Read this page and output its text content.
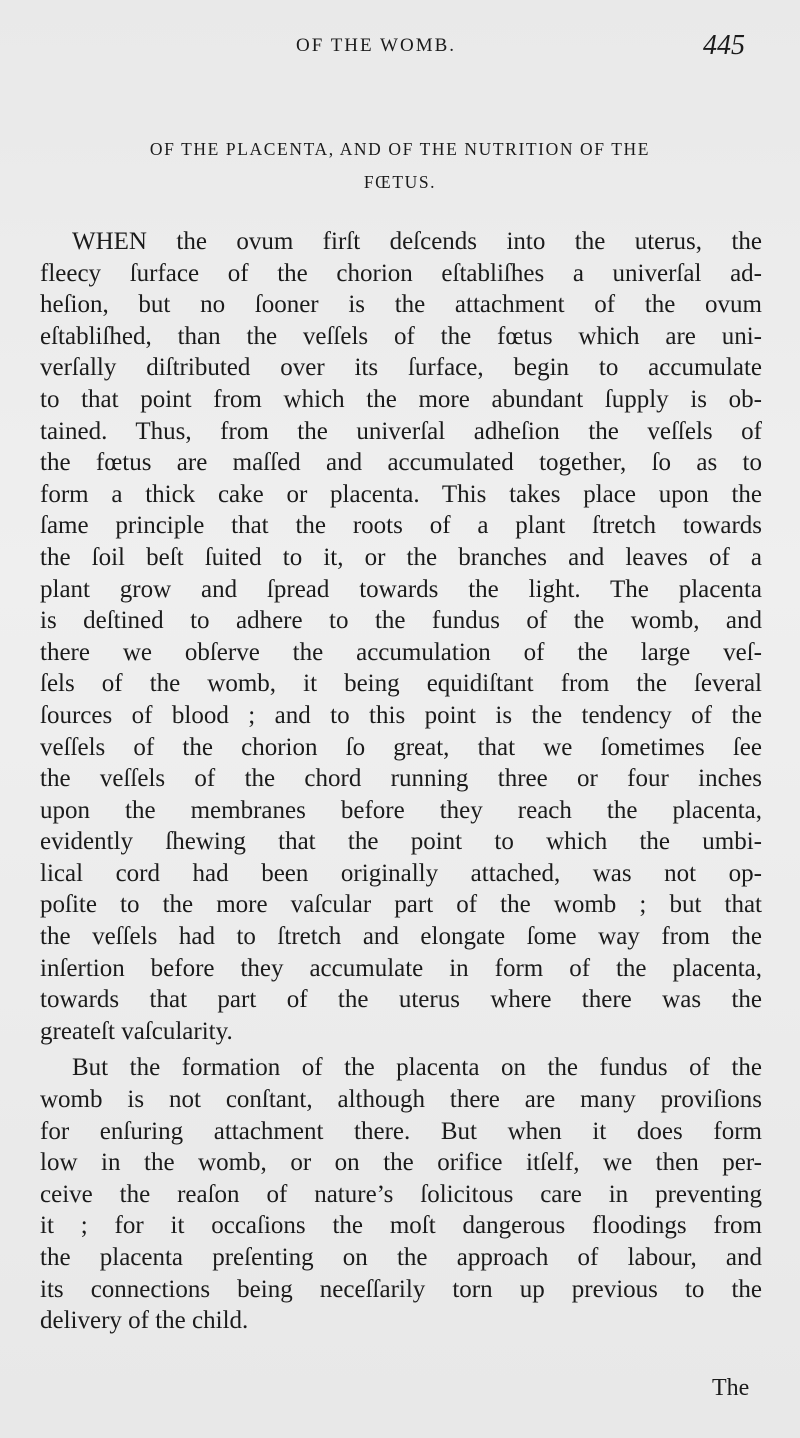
OF THE WOMB.	445
OF THE PLACENTA, AND OF THE NUTRITION OF THE
FŒTUS.

WHEN the ovum firſt deſcends into the uterus, the
fleecy ſurface of the chorion eſtabliſhes a univerſal ad-
heſion, but no ſooner is the attachment of the ovum
eſtabliſhed, than the veſſels of the fœtus which are uni-
verſally diſtributed over its ſurface, begin to accumulate
to that point from which the more abundant ſupply is ob-
tained. Thus, from the univerſal adheſion the veſſels of
the fœtus are maſſed and accumulated together, ſo as to
form a thick cake or placenta. This takes place upon the
ſame principle that the roots of a plant ſtretch towards
the ſoil beſt ſuited to it, or the branches and leaves of a
plant grow and ſpread towards the light. The placenta
is deſtined to adhere to the fundus of the womb, and
there we obſerve the accumulation of the large veſ-
ſels of the womb, it being equidiſtant from the ſeveral
ſources of blood ; and to this point is the tendency of the
veſſels of the chorion ſo great, that we ſometimes ſee
the veſſels of the chord running three or four inches
upon the membranes before they reach the placenta,
evidently ſhewing that the point to which the umbi-
lical cord had been originally attached, was not op-
poſite to the more vaſcular part of the womb ; but that
the veſſels had to ſtretch and elongate ſome way from the
inſertion before they accumulate in form of the placenta,
towards that part of the uterus where there was the
greateſt vaſcularity.

But the formation of the placenta on the fundus of the
womb is not conſtant, although there are many proviſions
for enſuring attachment there. But when it does form
low in the womb, or on the orifice itſelf, we then per-
ceive the reaſon of nature’s ſolicitous care in preventing
it ; for it occaſions the moſt dangerous floodings from
the placenta preſenting on the approach of labour, and
its connections being neceſſarily torn up previous to the
delivery of the child.

The
